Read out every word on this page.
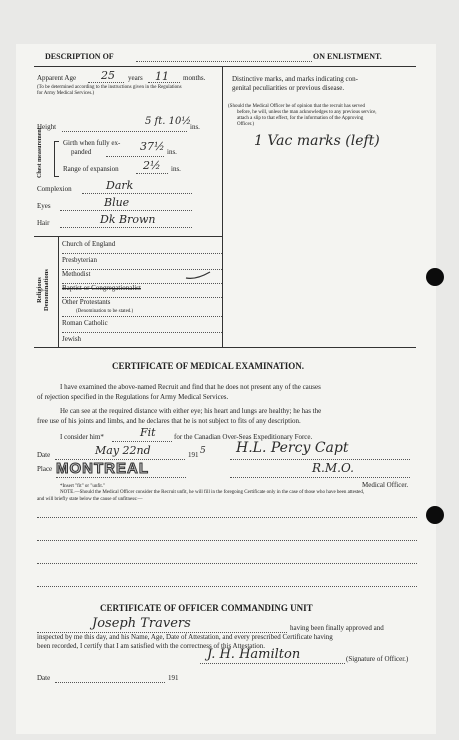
DESCRIPTION OF	ON ENLISTMENT.
Apparent Age 25 years 11 months.
(To be determined according to the instructions given in the Regulations
for Army Medical Services.)
Height	5 ft. 10½
ins.
Chest measurement	Girth when fully ex-
panded	37½ ins.
Range of expansion 2½ ins.
Complexion	Dark
Eyes	Blue
Hair	Dk Brown
Religious Denominations
Church of England
Presbyterian
Methodist
Baptist or Congregationalist
Other Protestants
(Denomination to be stated.)
Roman Catholic
Jewish
Distinctive marks, and marks indicating con-
genital peculiarities or previous disease.
(Should the Medical Officer be of opinion that the recruit has served
before, he will, unless the man acknowledges to any previous service,
attach a slip to that effect, for the information of the Approving
Officer.)
1 Vac marks (left)
CERTIFICATE OF MEDICAL EXAMINATION.
I have examined the above-named Recruit and find that he does not present any of the causes
of rejection specified in the Regulations for Army Medical Services.
He can see at the required distance with either eye; his heart and lungs are healthy; he has the
free use of his joints and limbs, and he declares that he is not subject to fits of any description.
I consider him*	Fit	for the Canadian Over-Seas Expeditionary Force.
Date	May 22nd	191 5 H.L. Percy Capt
Place MONTREAL	R.M.O.
Medical Officer.
*Insert "fit" or "unfit."
NOTE.—Should the Medical Officer consider the Recruit unfit, he will fill in the foregoing Certificate only in the case of those who have been attested,
and will briefly state below the cause of unfitness:—
CERTIFICATE OF OFFICER COMMANDING UNIT
Joseph Travers	having been finally approved and
inspected by me this day, and his Name, Age, Date of Attestation, and every prescribed Certificate having
been recorded, I certify that I am satisfied with the correctness of this Attestation.
J. H. Hamilton	(Signature of Officer.)
Date	191
